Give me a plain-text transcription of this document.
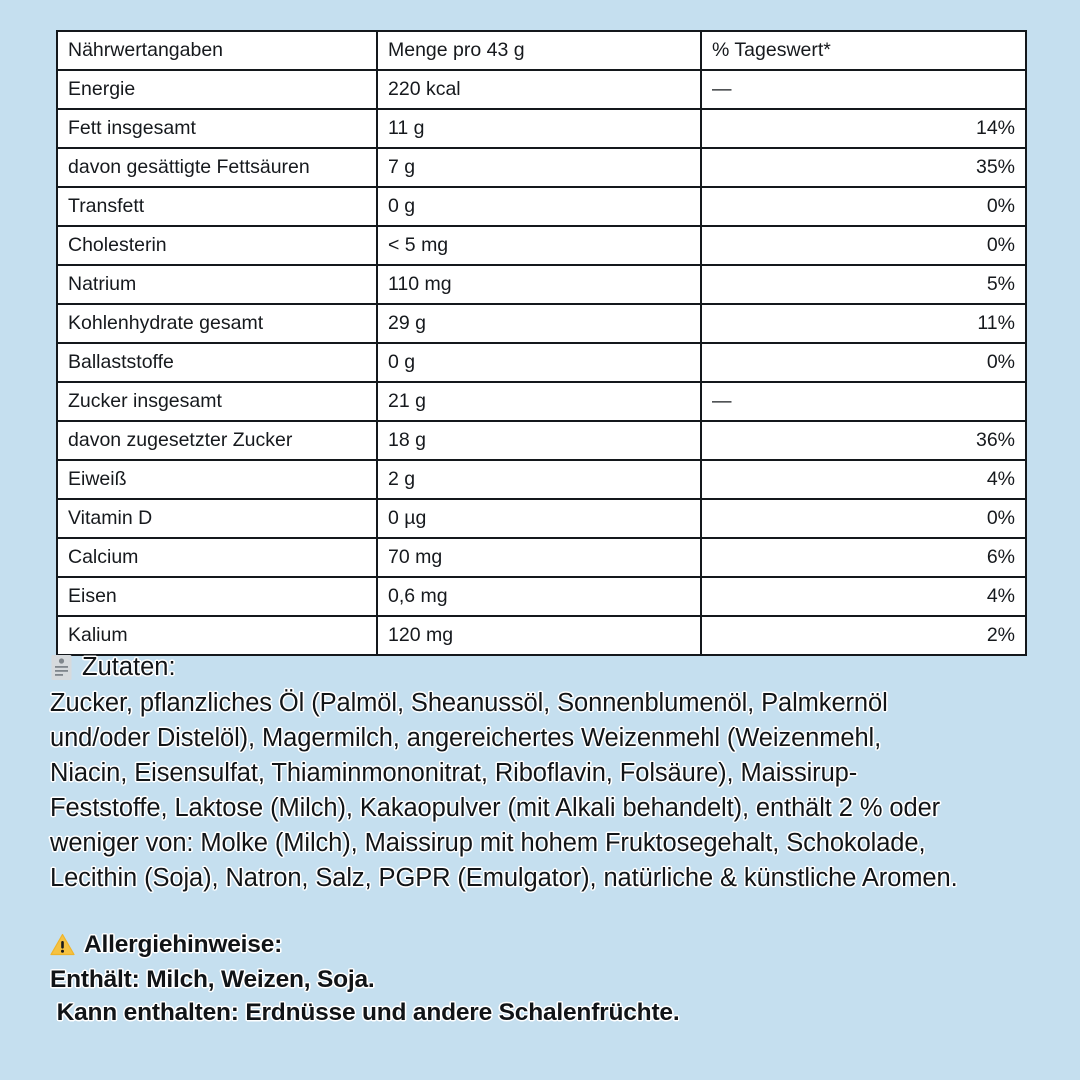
Nährwertangaben	Menge pro 43 g	% Tageswert*
Energie	220 kcal	—
Fett insgesamt	11 g	14%
davon gesättigte Fettsäuren	7 g	35%
Transfett	0 g	0%
Cholesterin	< 5 mg	0%
Natrium	110 mg	5%
Kohlenhydrate gesamt	29 g	11%
Ballaststoffe	0 g	0%
Zucker insgesamt	21 g	—
davon zugesetzter Zucker	18 g	36%
Eiweiß	2 g	4%
Vitamin D	0 µg	0%
Calcium	70 mg	6%
Eisen	0,6 mg	4%
Kalium	120 mg	2%
Zutaten:
Zucker, pflanzliches Öl (Palmöl, Sheanussöl, Sonnenblumenöl, Palmkernöl
und/oder Distelöl), Magermilch, angereichertes Weizenmehl (Weizenmehl,
Niacin, Eisensulfat, Thiaminmononitrat, Riboflavin, Folsäure), Maissirup-
Feststoffe, Laktose (Milch), Kakaopulver (mit Alkali behandelt), enthält 2 % oder
weniger von: Molke (Milch), Maissirup mit hohem Fruktosegehalt, Schokolade,
Lecithin (Soja), Natron, Salz, PGPR (Emulgator), natürliche & künstliche Aromen.
Allergiehinweise:
Enthält: Milch, Weizen, Soja.
Kann enthalten: Erdnüsse und andere Schalenfrüchte.
